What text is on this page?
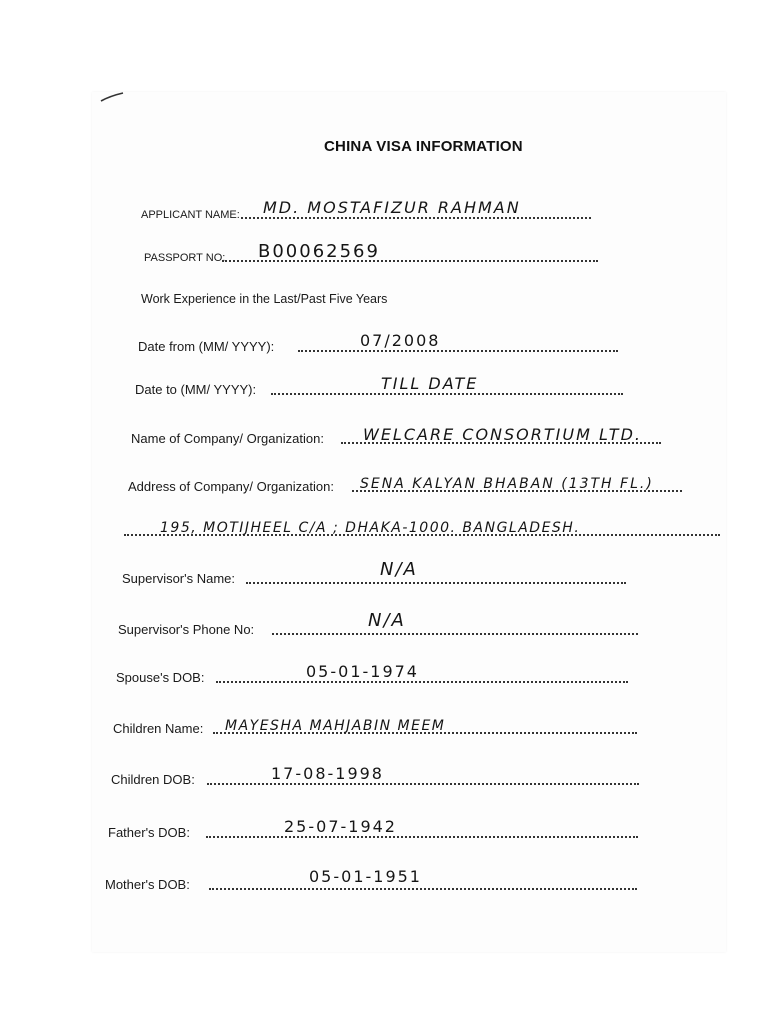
CHINA VISA INFORMATION
APPLICANT NAME: MD. MOSTAFIZUR RAHMAN
PASSPORT NO: B00062569
Work Experience in the Last/Past Five Years
Date from (MM/ YYYY):	07/2008
Date to (MM/ YYYY):	TILL DATE
Name of Company/ Organization: WELCARE CONSORTIUM LTD.
Address of Company/ Organization: SENA KALYAN BHABAN (13TH FL.)
195, MOTIJHEEL C/A ; DHAKA-1000. BANGLADESH.
Supervisor's Name:	N/A
Supervisor's Phone No:	N/A
Spouse's DOB:	05-01-1974
Children Name: MAYESHA MAHJABIN MEEM
Children DOB:	17-08-1998
Father's DOB:	25-07-1942
Mother's DOB:	05-01-1951
